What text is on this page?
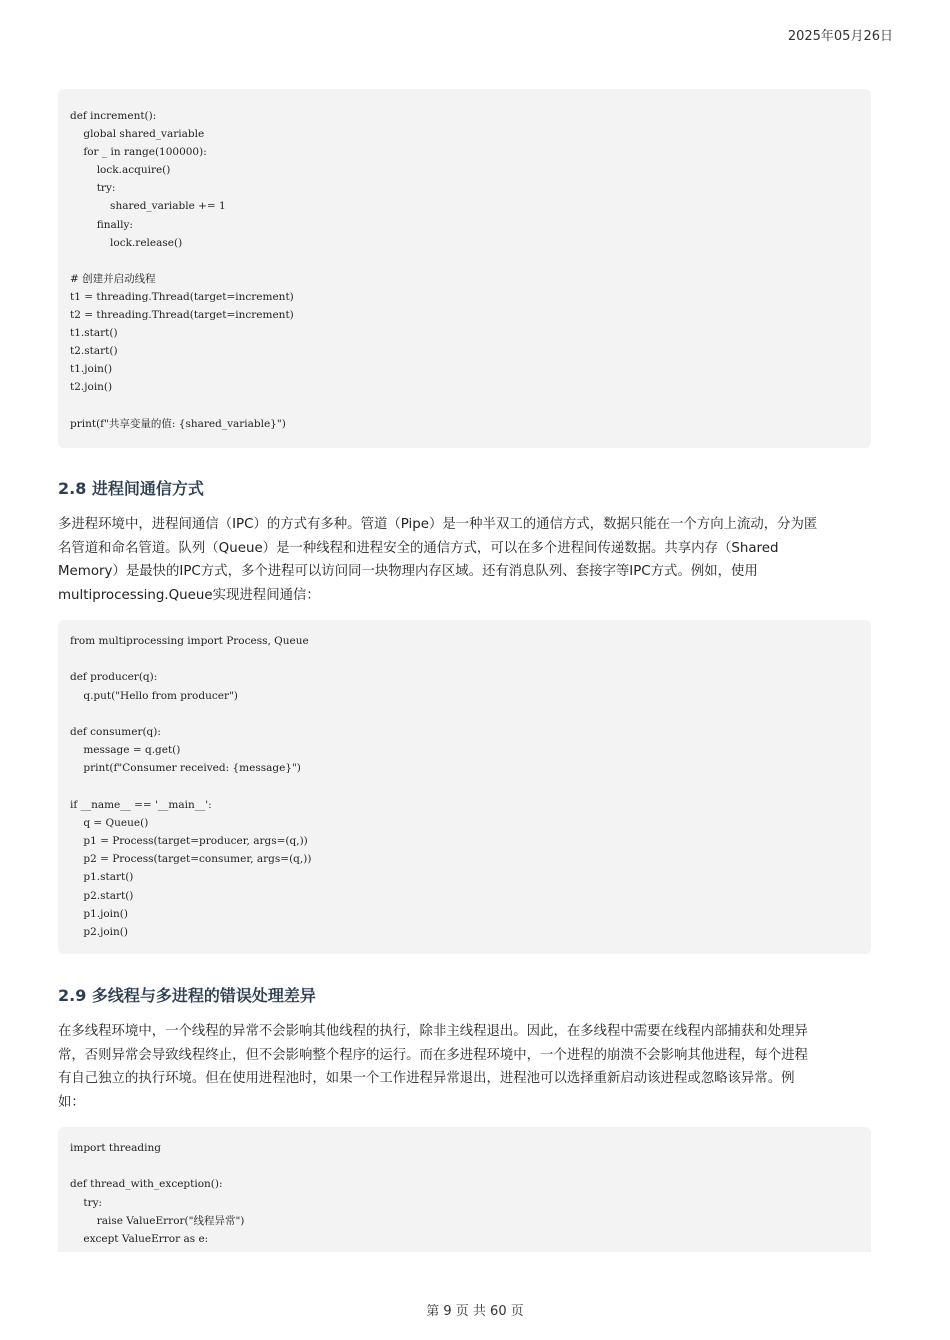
2025年05月26日
def increment():
global shared_variable
for _ in range(100000):
lock.acquire()
try:
shared_variable += 1
finally:
lock.release()
# 创建并启动线程
t1 = threading.Thread(target=increment)
t2 = threading.Thread(target=increment)
t1.start()
t2.start()
t1.join()
t2.join()
print(f"共享变量的值: {shared_variable}")
2.8 进程间通信方式
多进程环境中，进程间通信（IPC）的方式有多种。管道（Pipe）是一种半双工的通信方式，数据只能在一个方向上流动，分为匿
名管道和命名管道。队列（Queue）是一种线程和进程安全的通信方式，可以在多个进程间传递数据。共享内存（Shared
Memory）是最快的IPC方式，多个进程可以访问同一块物理内存区域。还有消息队列、套接字等IPC方式。例如，使用
multiprocessing.Queue实现进程间通信：
from multiprocessing import Process, Queue
def producer(q):
q.put("Hello from producer")
def consumer(q):
message = q.get()
print(f"Consumer received: {message}")
if __name__ == '__main__':
q = Queue()
p1 = Process(target=producer, args=(q,))
p2 = Process(target=consumer, args=(q,))
p1.start()
p2.start()
p1.join()
p2.join()
2.9 多线程与多进程的错误处理差异
在多线程环境中，一个线程的异常不会影响其他线程的执行，除非主线程退出。因此，在多线程中需要在线程内部捕获和处理异
常，否则异常会导致线程终止，但不会影响整个程序的运行。而在多进程环境中，一个进程的崩溃不会影响其他进程，每个进程
有自己独立的执行环境。但在使用进程池时，如果一个工作进程异常退出，进程池可以选择重新启动该进程或忽略该异常。例
如：
import threading
def thread_with_exception():
try:
raise ValueError("线程异常")
except ValueError as e:
第 9 页 共 60 页
